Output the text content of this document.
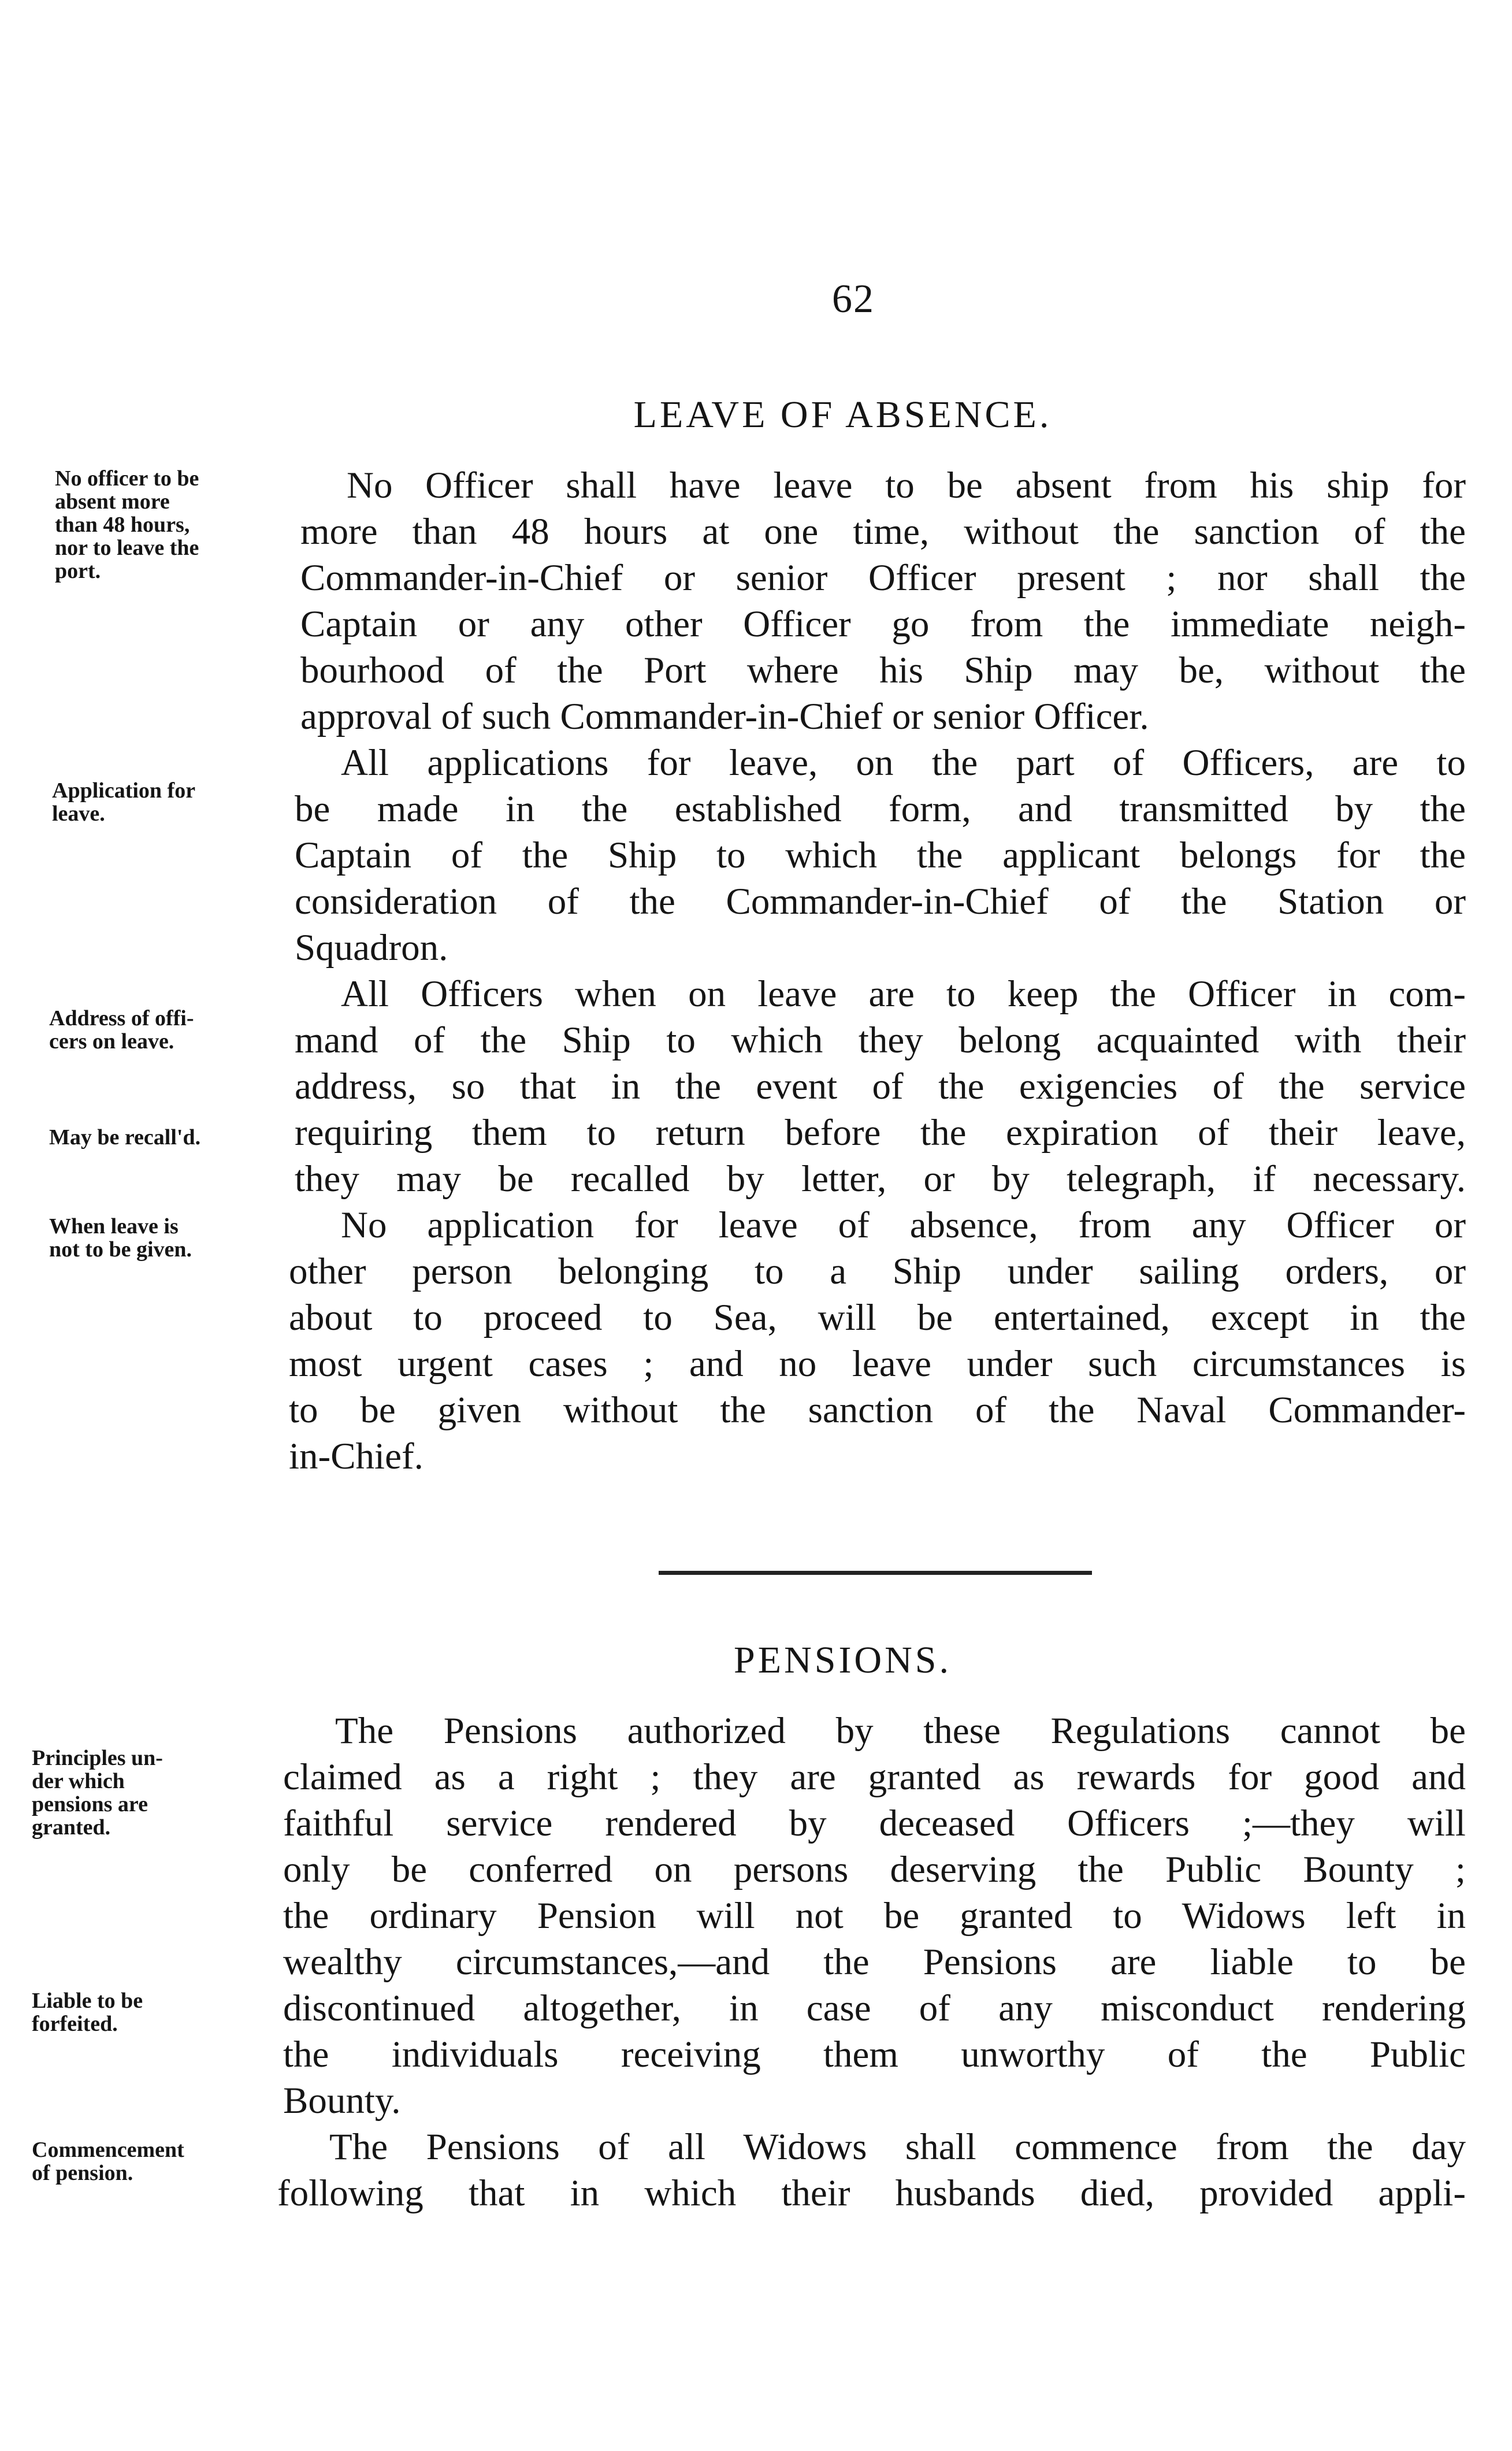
62
LEAVE OF ABSENCE.
No Officer shall have leave to be absent from his ship for
more than 48 hours at one time, without the sanction of the
Commander-in-Chief or senior Officer present ; nor shall the
Captain or any other Officer go from the immediate neigh-
bourhood of the Port where his Ship may be, without the
approval of such Commander-in-Chief or senior Officer.
All applications for leave, on the part of Officers, are to
be made in the established form, and transmitted by the
Captain of the Ship to which the applicant belongs for the
consideration of the Commander-in-Chief of the Station or
Squadron.
All Officers when on leave are to keep the Officer in com-
mand of the Ship to which they belong acquainted with their
address, so that in the event of the exigencies of the service
requiring them to return before the expiration of their leave,
they may be recalled by letter, or by telegraph, if necessary.
No application for leave of absence, from any Officer or
other person belonging to a Ship under sailing orders, or
about to proceed to Sea, will be entertained, except in the
most urgent cases ; and no leave under such circumstances is
to be given without the sanction of the Naval Commander-
in-Chief.
No officer to be
absent more
than 48 hours,
nor to leave the
port.
Application for
leave.
Address of offi-
cers on leave.
May be recall'd.
When leave is
not to be given.
PENSIONS.
The Pensions authorized by these Regulations cannot be
claimed as a right ; they are granted as rewards for good and
faithful service rendered by deceased Officers ;—they will
only be conferred on persons deserving the Public Bounty ;
the ordinary Pension will not be granted to Widows left in
wealthy circumstances,—and the Pensions are liable to be
discontinued altogether, in case of any misconduct rendering
the individuals receiving them unworthy of the Public
Bounty.
The Pensions of all Widows shall commence from the day
following that in which their husbands died, provided appli-
Principles un-
der which
pensions are
granted.
Liable to be
forfeited.
Commencement
of pension.
